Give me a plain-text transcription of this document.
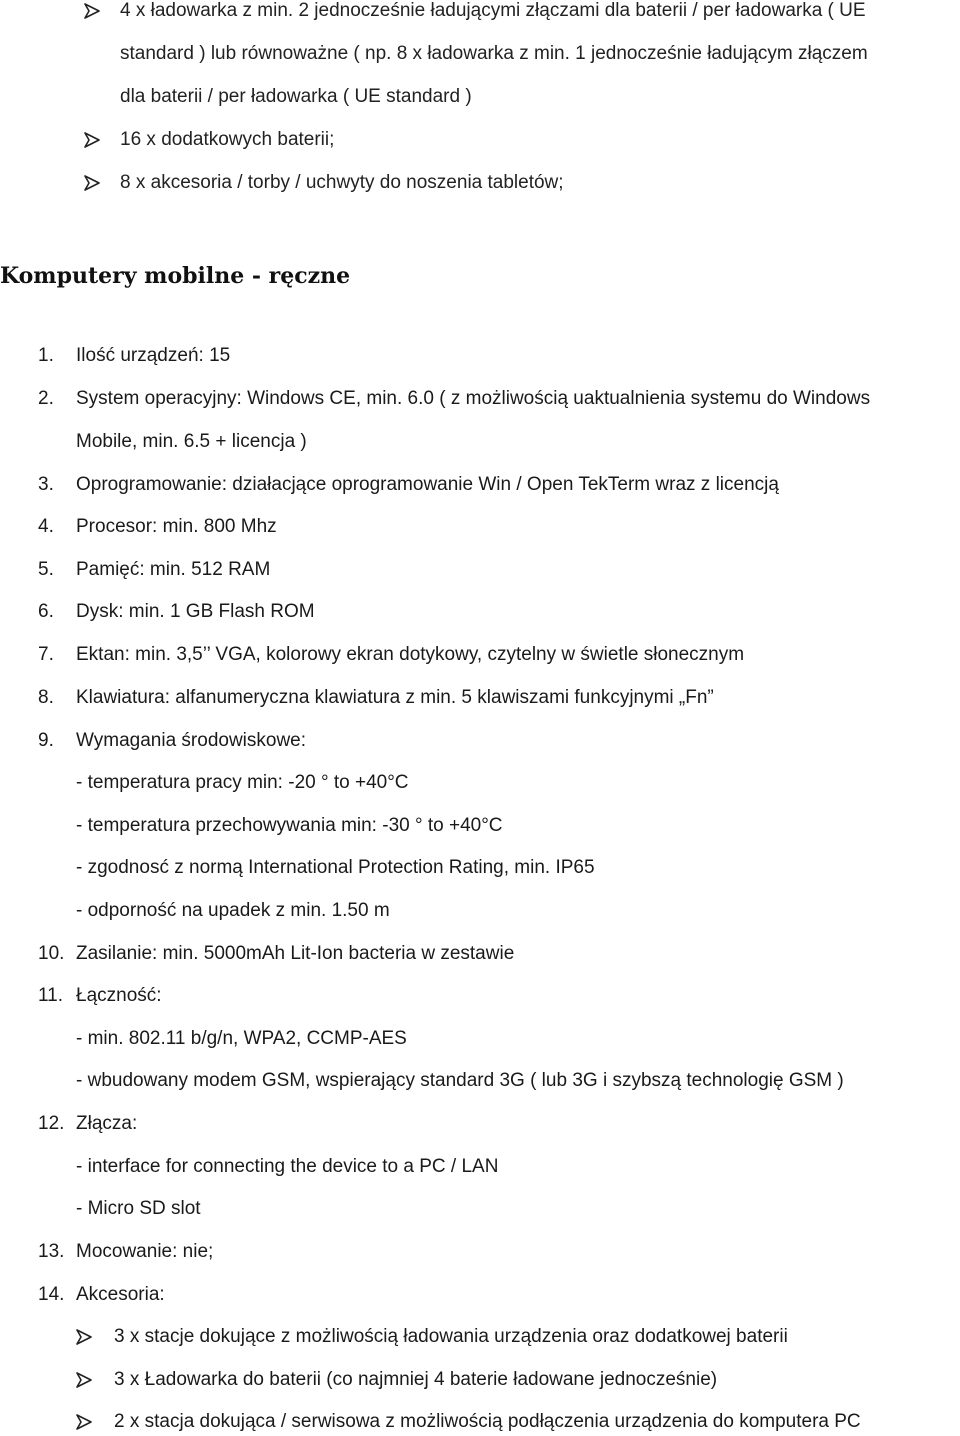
4 x ładowarka z min. 2 jednocześnie ładującymi złączami dla baterii / per ładowarka ( UE
standard ) lub równoważne ( np. 8 x ładowarka z min. 1 jednocześnie ładującym złączem
dla baterii / per ładowarka ( UE standard )
16 x dodatkowych baterii;
8 x akcesoria / torby / uchwyty do noszenia tabletów;
Komputery mobilne - ręczne
1. Ilość urządzeń: 15
2. System operacyjny: Windows CE, min. 6.0 ( z możliwością uaktualnienia systemu do Windows
Mobile, min. 6.5 + licencja )
3. Oprogramowanie: działacjące oprogramowanie Win / Open TekTerm wraz z licencją
4. Procesor: min. 800 Mhz
5. Pamięć: min. 512 RAM
6. Dysk: min. 1 GB Flash ROM
7. Ektan: min. 3,5’’ VGA, kolorowy ekran dotykowy, czytelny w świetle słonecznym
8. Klawiatura: alfanumeryczna klawiatura z min. 5 klawiszami funkcyjnymi „Fn”
9. Wymagania środowiskowe:
- temperatura pracy min: -20 ° to +40°C
- temperatura przechowywania min: -30 ° to +40°C
- zgodnosć z normą International Protection Rating, min. IP65
- odporność na upadek z min. 1.50 m
10. Zasilanie: min. 5000mAh Lit-Ion bacteria w zestawie
11. Łączność:
- min. 802.11 b/g/n, WPA2, CCMP-AES
- wbudowany modem GSM, wspierający standard 3G ( lub 3G i szybszą technologię GSM )
12. Złącza:
- interface for connecting the device to a PC / LAN
- Micro SD slot
13. Mocowanie: nie;
14. Akcesoria:
3 x stacje dokujące z możliwością ładowania urządzenia oraz dodatkowej baterii
3 x Ładowarka do baterii (co najmniej 4 baterie ładowane jednocześnie)
2 x stacja dokująca / serwisowa z możliwością podłączenia urządzenia do komputera PC
